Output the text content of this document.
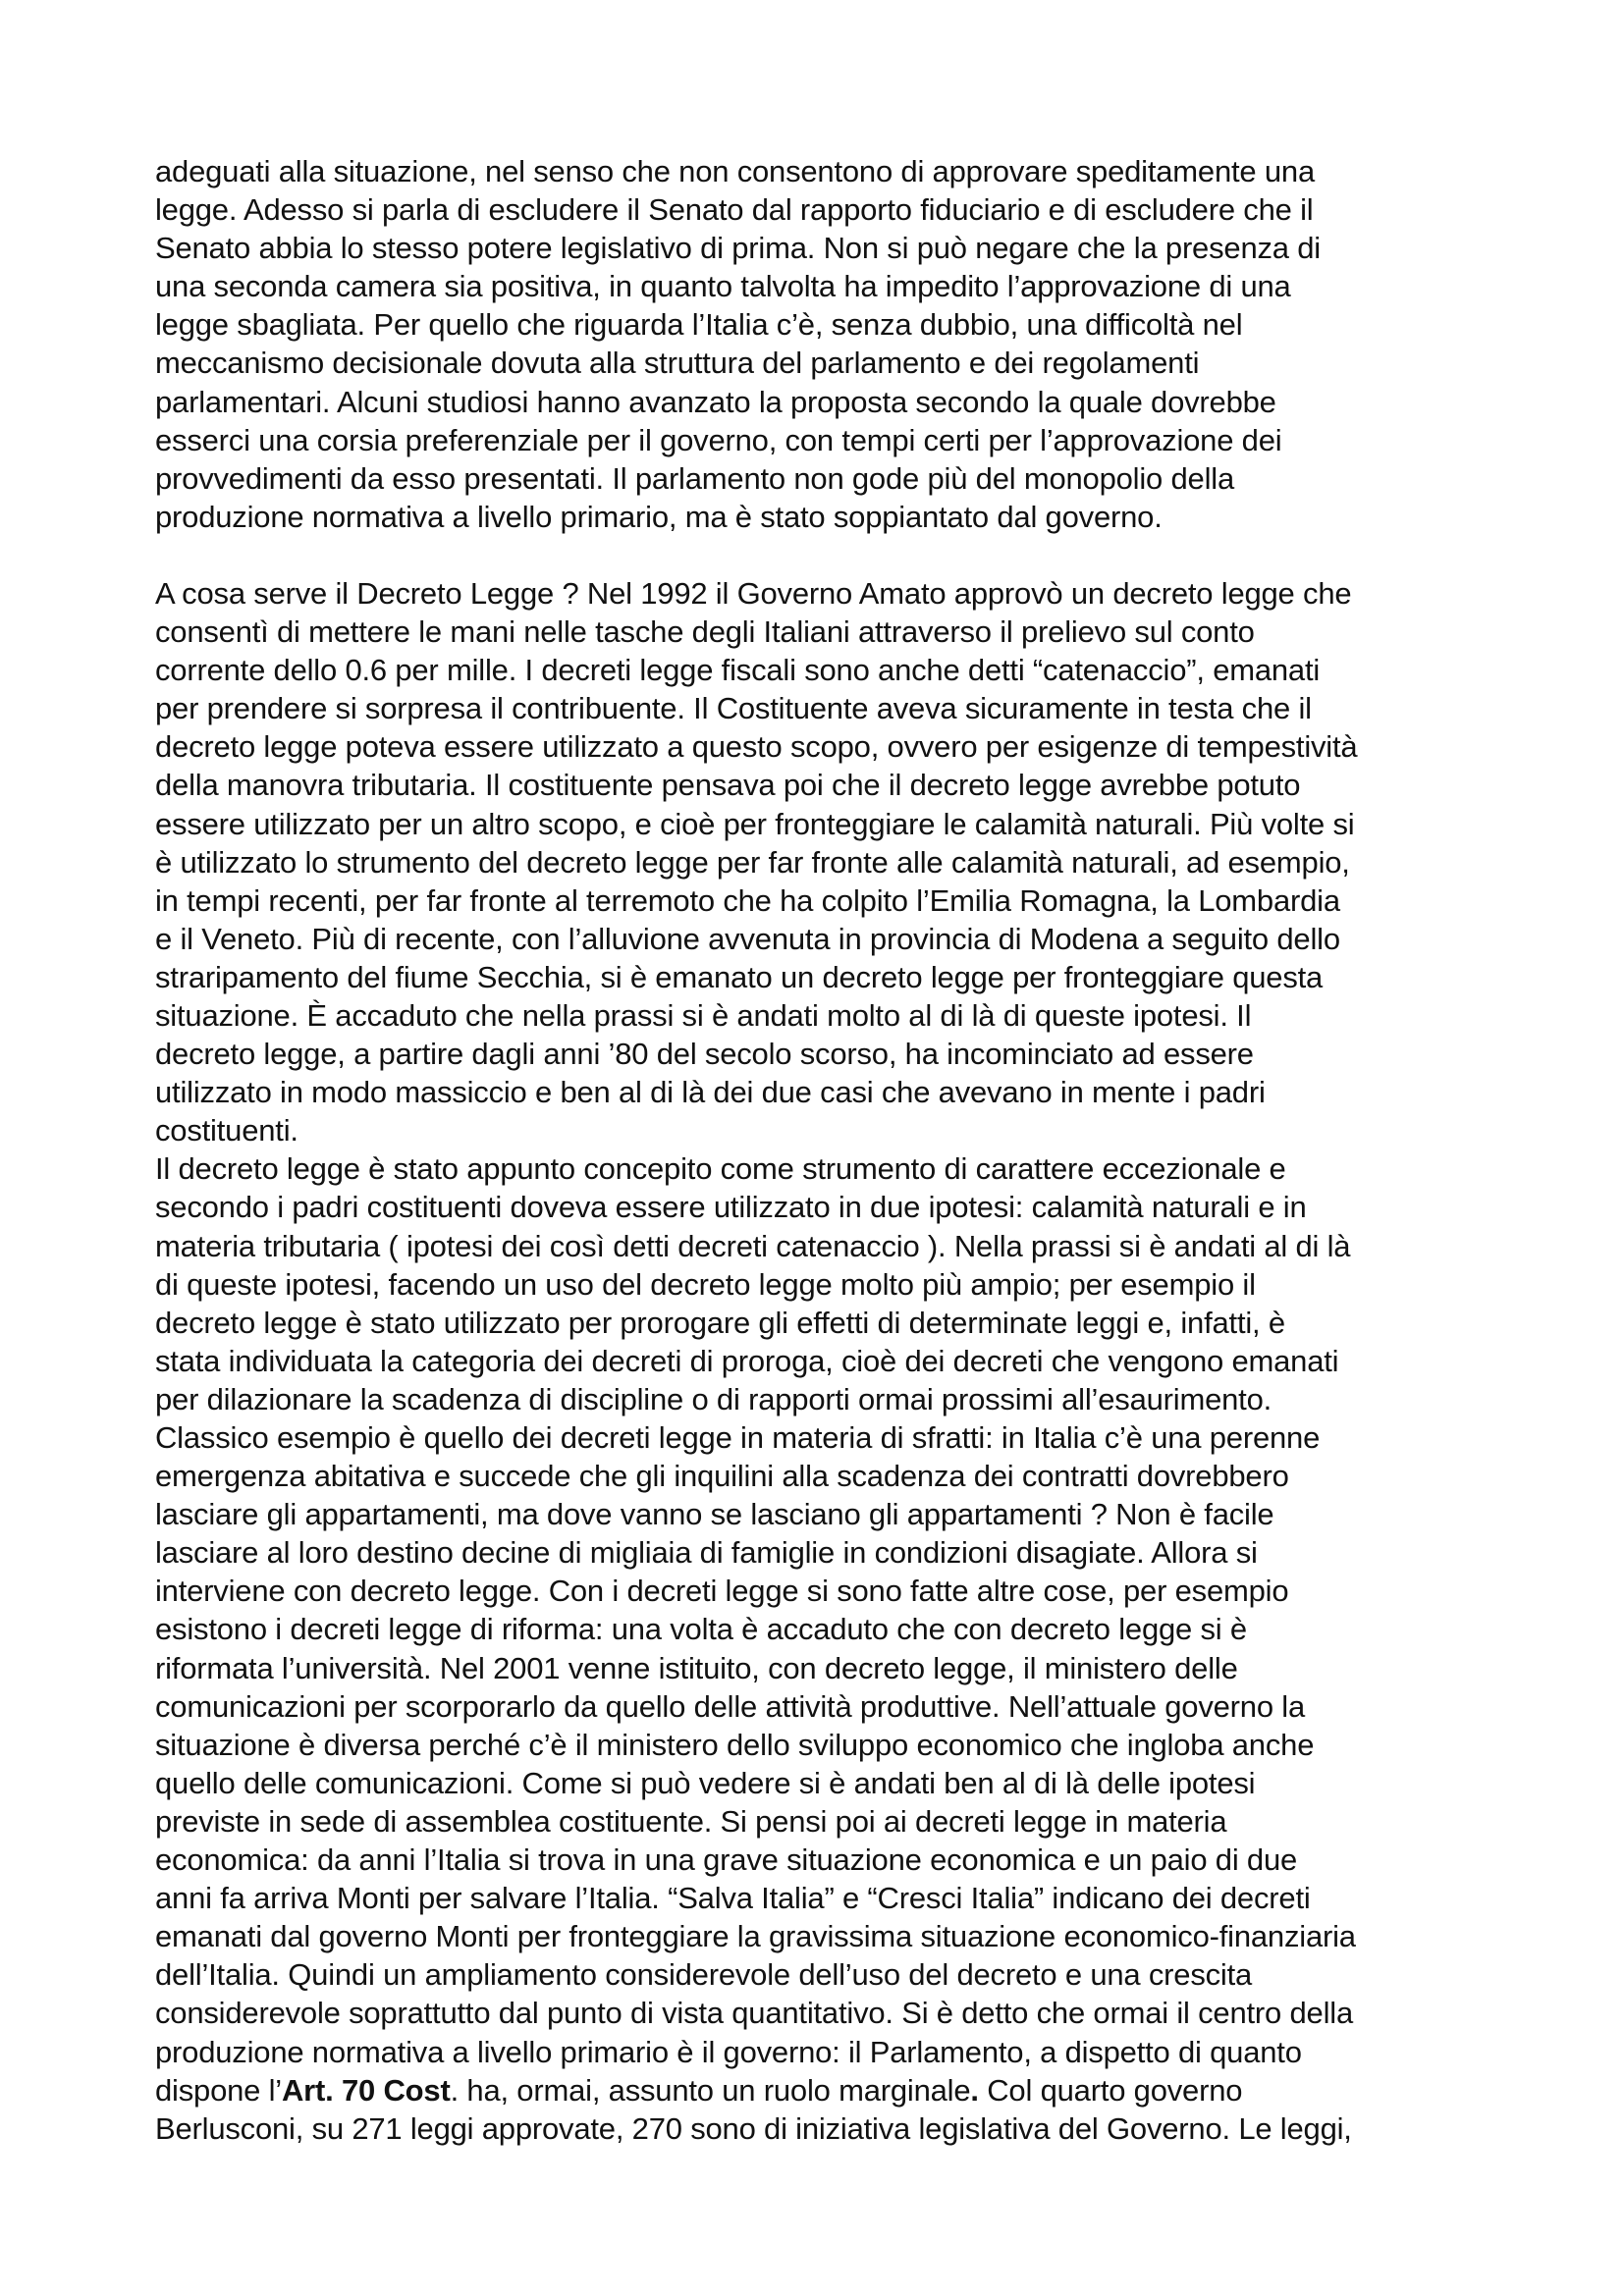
adeguati alla situazione, nel senso che non consentono di approvare speditamente una
legge. Adesso si parla di escludere il Senato dal rapporto fiduciario e di escludere che il
Senato abbia lo stesso potere legislativo di prima. Non si può negare che la presenza di
una seconda camera sia positiva, in quanto talvolta ha impedito l’approvazione di una
legge sbagliata. Per quello che riguarda l’Italia c’è, senza dubbio, una difficoltà nel
meccanismo decisionale dovuta alla struttura del parlamento e dei regolamenti
parlamentari. Alcuni studiosi hanno avanzato la proposta secondo la quale dovrebbe
esserci una corsia preferenziale per il governo, con tempi certi per l’approvazione dei
provvedimenti da esso presentati. Il parlamento non gode più del monopolio della
produzione normativa a livello primario, ma è stato soppiantato dal governo.
A cosa serve il Decreto Legge ? Nel 1992 il Governo Amato approvò un decreto legge che
consentì di mettere le mani nelle tasche degli Italiani attraverso il prelievo sul conto
corrente dello 0.6 per mille. I decreti legge fiscali sono anche detti “catenaccio”, emanati
per prendere si sorpresa il contribuente. Il Costituente aveva sicuramente in testa che il
decreto legge poteva essere utilizzato a questo scopo, ovvero per esigenze di tempestività
della manovra tributaria. Il costituente pensava poi che il decreto legge avrebbe potuto
essere utilizzato per un altro scopo, e cioè per fronteggiare le calamità naturali. Più volte si
è utilizzato lo strumento del decreto legge per far fronte alle calamità naturali, ad esempio,
in tempi recenti, per far fronte al terremoto che ha colpito l’Emilia Romagna, la Lombardia
e il Veneto. Più di recente, con l’alluvione avvenuta in provincia di Modena a seguito dello
straripamento del fiume Secchia, si è emanato un decreto legge per fronteggiare questa
situazione. È accaduto che nella prassi si è andati molto al di là di queste ipotesi. Il
decreto legge, a partire dagli anni ’80 del secolo scorso, ha incominciato ad essere
utilizzato in modo massiccio e ben al di là dei due casi che avevano in mente i padri
costituenti.
Il decreto legge è stato appunto concepito come strumento di carattere eccezionale e
secondo i padri costituenti doveva essere utilizzato in due ipotesi: calamità naturali e in
materia tributaria ( ipotesi dei così detti decreti catenaccio ). Nella prassi si è andati al di là
di queste ipotesi, facendo un uso del decreto legge molto più ampio; per esempio il
decreto legge è stato utilizzato per prorogare gli effetti di determinate leggi e, infatti, è
stata individuata la categoria dei decreti di proroga, cioè dei decreti che vengono emanati
per dilazionare la scadenza di discipline o di rapporti ormai prossimi all’esaurimento.
Classico esempio è quello dei decreti legge in materia di sfratti: in Italia c’è una perenne
emergenza abitativa e succede che gli inquilini alla scadenza dei contratti dovrebbero
lasciare gli appartamenti, ma dove vanno se lasciano gli appartamenti ? Non è facile
lasciare al loro destino decine di migliaia di famiglie in condizioni disagiate. Allora si
interviene con decreto legge. Con i decreti legge si sono fatte altre cose, per esempio
esistono i decreti legge di riforma: una volta è accaduto che con decreto legge si è
riformata l’università. Nel 2001 venne istituito, con decreto legge, il ministero delle
comunicazioni per scorporarlo da quello delle attività produttive. Nell’attuale governo la
situazione è diversa perché c’è il ministero dello sviluppo economico che ingloba anche
quello delle comunicazioni. Come si può vedere si è andati ben al di là delle ipotesi
previste in sede di assemblea costituente. Si pensi poi ai decreti legge in materia
economica: da anni l’Italia si trova in una grave situazione economica e un paio di due
anni fa arriva Monti per salvare l’Italia. “Salva Italia” e “Cresci Italia” indicano dei decreti
emanati dal governo Monti per fronteggiare la gravissima situazione economico-finanziaria
dell’Italia. Quindi un ampliamento considerevole dell’uso del decreto e una crescita
considerevole soprattutto dal punto di vista quantitativo. Si è detto che ormai il centro della
produzione normativa a livello primario è il governo: il Parlamento, a dispetto di quanto
dispone l’Art. 70 Cost. ha, ormai, assunto un ruolo marginale. Col quarto governo
Berlusconi, su 271 leggi approvate, 270 sono di iniziativa legislativa del Governo. Le leggi,
